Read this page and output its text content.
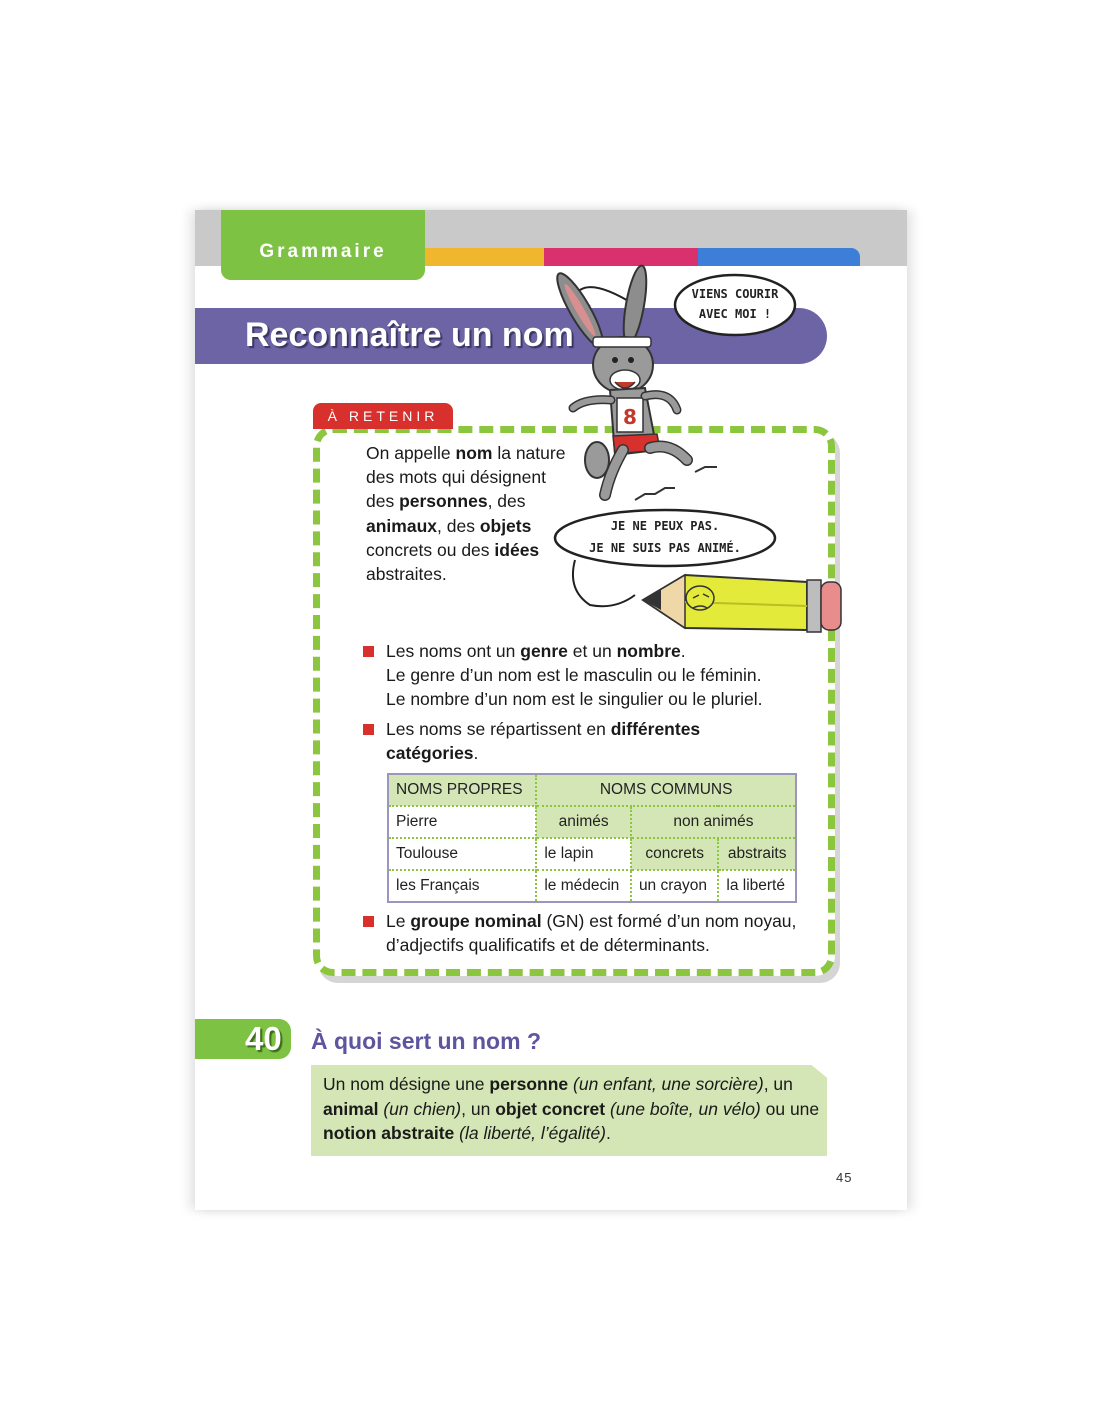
Grammaire
Reconnaître un nom
À RETENIR
On appelle nom la nature des mots qui désignent des personnes, des animaux, des objets concrets ou des idées abstraites.
Les noms ont un genre et un nombre.
Le genre d’un nom est le masculin ou le féminin.
Le nombre d’un nom est le singulier ou le pluriel.
Les noms se répartissent en différentes
catégories.
NOMS PROPRES	NOMS COMMUNS		
Pierre	animés	non animés	
Toulouse	le lapin	concrets	abstraits
les Français	le médecin	un crayon	la liberté
Le groupe nominal (GN) est formé d’un nom noyau, d’adjectifs qualificatifs et de déterminants.
VIENS COURIR
AVEC MOI !
8
JE NE PEUX PAS.
JE NE SUIS PAS ANIMÉ.
40 À quoi sert un nom ?
Un nom désigne une personne (un enfant, une sorcière), un animal (un chien), un objet concret (une boîte, un vélo) ou une notion abstraite (la liberté, l’égalité).
45
